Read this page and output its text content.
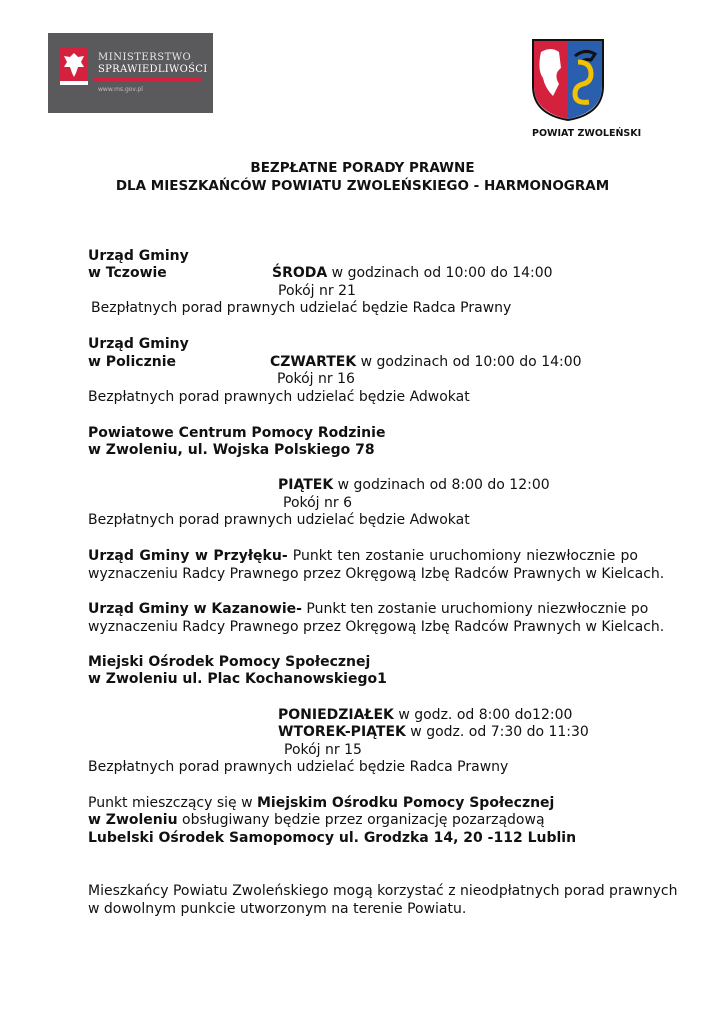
MINISTERSTWO
SPRAWIEDLIWOŚCI
www.ms.gov.pl
POWIAT ZWOLEŃSKI
BEZPŁATNE PORADY PRAWNE
DLA MIESZKAŃCÓW POWIATU ZWOLEŃSKIEGO - HARMONOGRAM
Urząd Gminy
w Tczowie	ŚRODA w godzinach od 10:00 do 14:00
Pokój nr 21
Bezpłatnych porad prawnych udzielać będzie Radca Prawny
Urząd Gminy
w Policznie	CZWARTEK w godzinach od 10:00 do 14:00
Pokój nr 16
Bezpłatnych porad prawnych udzielać będzie Adwokat
Powiatowe Centrum Pomocy Rodzinie
w Zwoleniu, ul. Wojska Polskiego 78
PIĄTEK w godzinach od 8:00 do 12:00
Pokój nr 6
Bezpłatnych porad prawnych udzielać będzie Adwokat
Urząd Gminy w Przyłęku- Punkt ten zostanie uruchomiony niezwłocznie po
wyznaczeniu Radcy Prawnego przez Okręgową Izbę Radców Prawnych w Kielcach.
Urząd Gminy w Kazanowie- Punkt ten zostanie uruchomiony niezwłocznie po
wyznaczeniu Radcy Prawnego przez Okręgową Izbę Radców Prawnych w Kielcach.
Miejski Ośrodek Pomocy Społecznej
w Zwoleniu ul. Plac Kochanowskiego1
PONIEDZIAŁEK w godz. od 8:00 do12:00
WTOREK-PIĄTEK w godz. od 7:30 do 11:30
Pokój nr 15
Bezpłatnych porad prawnych udzielać będzie Radca Prawny
Punkt mieszczący się w Miejskim Ośrodku Pomocy Społecznej
w Zwoleniu obsługiwany będzie przez organizację pozarządową
Lubelski Ośrodek Samopomocy ul. Grodzka 14, 20 -112 Lublin
Mieszkańcy Powiatu Zwoleńskiego mogą korzystać z nieodpłatnych porad prawnych
w dowolnym punkcie utworzonym na terenie Powiatu.
